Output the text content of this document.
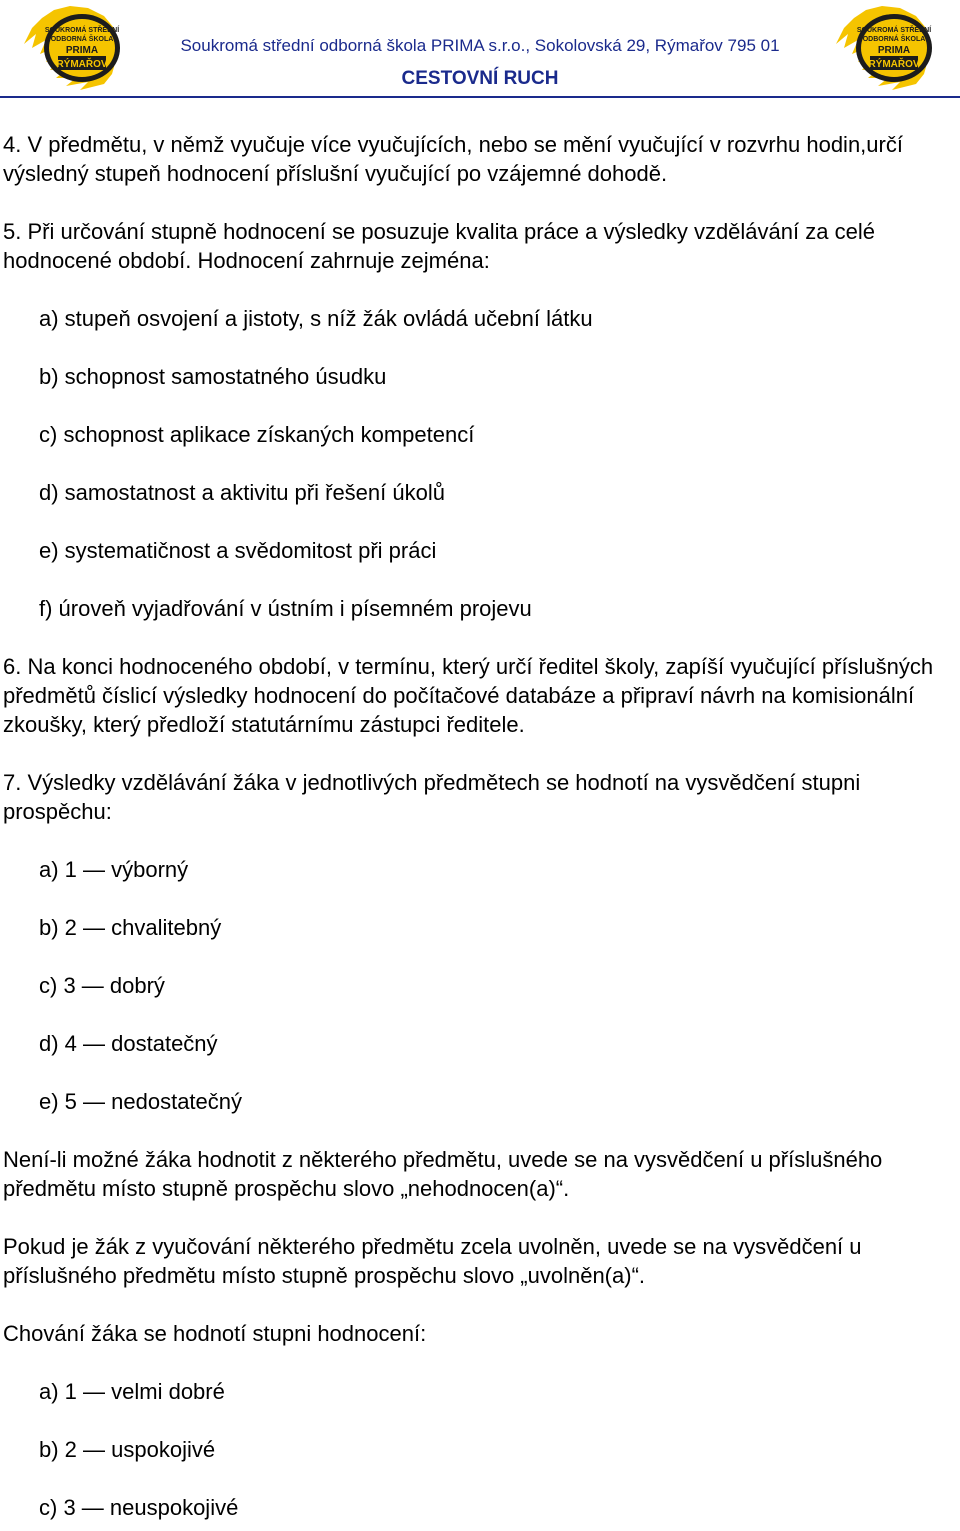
SOUKROMÁ STŘEDNÍ
ODBORNÁ ŠKOLA
PRIMA
RÝMAŘOV
SOUKROMÁ STŘEDNÍ
ODBORNÁ ŠKOLA
PRIMA
RÝMAŘOV
Soukromá střední odborná škola PRIMA s.r.o., Sokolovská 29, Rýmařov 795 01
CESTOVNÍ RUCH

4. V předmětu, v němž vyučuje více vyučujících, nebo se mění vyučující v rozvrhu hodin,určí výsledný stupeň hodnocení příslušní vyučující po vzájemné dohodě.

5. Při určování stupně hodnocení se posuzuje kvalita práce a výsledky vzdělávání za celé hodnocené období. Hodnocení zahrnuje zejména:

a) stupeň osvojení a jistoty, s níž žák ovládá učební látku

b) schopnost samostatného úsudku

c) schopnost aplikace získaných kompetencí

d) samostatnost a aktivitu při řešení úkolů

e) systematičnost a svědomitost při práci

f) úroveň vyjadřování v ústním i písemném projevu

6. Na konci hodnoceného období, v termínu, který určí ředitel školy, zapíší vyučující příslušných předmětů číslicí výsledky hodnocení do počítačové databáze a připraví návrh na komisionální zkoušky, který předloží statutárnímu zástupci ředitele.

7. Výsledky vzdělávání žáka v jednotlivých předmětech se hodnotí na vysvědčení stupni prospěchu:

a) 1 — výborný

b) 2 — chvalitebný

c) 3 — dobrý

d) 4 — dostatečný

e) 5 — nedostatečný

Není-li možné žáka hodnotit z některého předmětu, uvede se na vysvědčení u příslušného předmětu místo stupně prospěchu slovo „nehodnocen(a)“.

Pokud je žák z vyučování některého předmětu zcela uvolněn, uvede se na vysvědčení u příslušného předmětu místo stupně prospěchu slovo „uvolněn(a)“.

Chování žáka se hodnotí stupni hodnocení:

a) 1 — velmi dobré

b) 2 — uspokojivé

c) 3 — neuspokojivé
